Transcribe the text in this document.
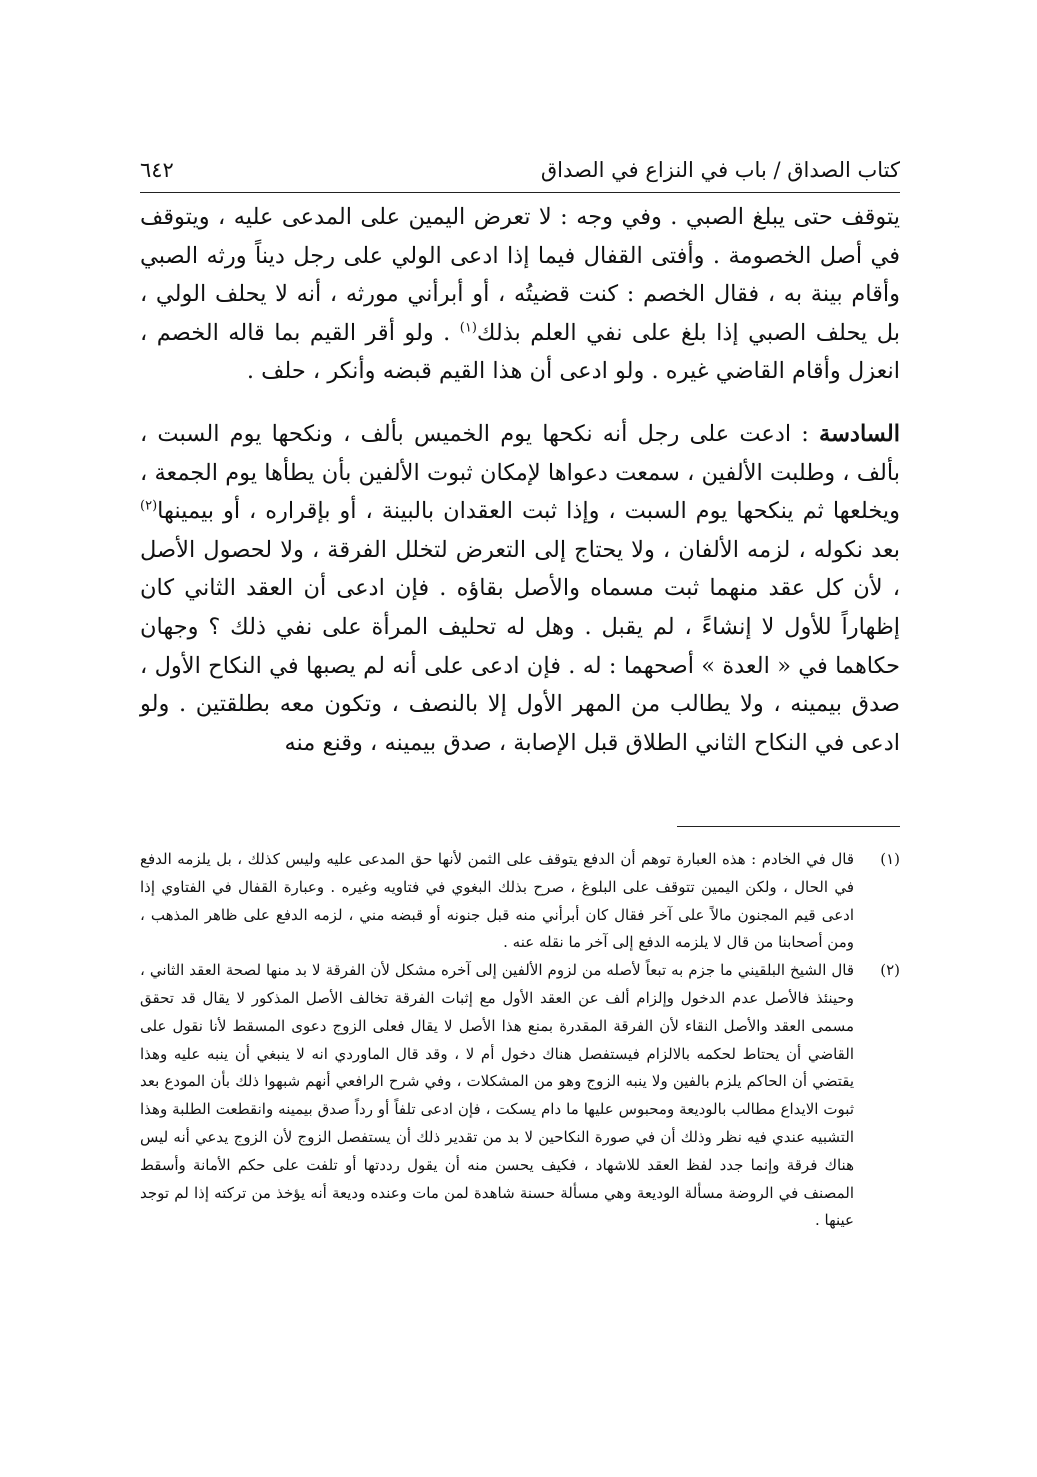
كتاب الصداق / باب في النزاع في الصداق
٦٤٢

يتوقف حتى يبلغ الصبي . وفي وجه : لا تعرض اليمين على المدعى عليه ، ويتوقف في أصل الخصومة . وأفتى القفال فيما إذا ادعى الولي على رجل ديناً ورثه الصبي وأقام بينة به ، فقال الخصم : كنت قضيتُه ، أو أبرأني مورثه ، أنه لا يحلف الولي ، بل يحلف الصبي إذا بلغ على نفي العلم بذلك$^{(١)}$ . ولو أقر القيم بما قاله الخصم ، انعزل وأقام القاضي غيره . ولو ادعى أن هذا القيم قبضه وأنكر ، حلف .

السادسة : ادعت على رجل أنه نكحها يوم الخميس بألف ، ونكحها يوم السبت ، بألف ، وطلبت الألفين ، سمعت دعواها لإمكان ثبوت الألفين بأن يطأها يوم الجمعة ، ويخلعها ثم ينكحها يوم السبت ، وإذا ثبت العقدان بالبينة ، أو بإقراره ، أو بيمينها$^{(٢)}$ بعد نكوله ، لزمه الألفان ، ولا يحتاج إلى التعرض لتخلل الفرقة ، ولا لحصول الأصل ، لأن كل عقد منهما ثبت مسماه والأصل بقاؤه . فإن ادعى أن العقد الثاني كان إظهاراً للأول لا إنشاءً ، لم يقبل . وهل له تحليف المرأة على نفي ذلك ؟ وجهان حكاهما في « العدة » أصحهما : له . فإن ادعى على أنه لم يصبها في النكاح الأول ، صدق بيمينه ، ولا يطالب من المهر الأول إلا بالنصف ، وتكون معه بطلقتين . ولو ادعى في النكاح الثاني الطلاق قبل الإصابة ، صدق بيمينه ، وقنع منه

(١)
قال في الخادم : هذه العبارة توهم أن الدفع يتوقف على الثمن لأنها حق المدعى عليه وليس كذلك ، بل يلزمه الدفع في الحال ، ولكن اليمين تتوقف على البلوغ ، صرح بذلك البغوي في فتاويه وغيره . وعبارة القفال في الفتاوي إذا ادعى قيم المجنون مالاً على آخر فقال كان أبرأني منه قبل جنونه أو قبضه مني ، لزمه الدفع على ظاهر المذهب ، ومن أصحابنا من قال لا يلزمه الدفع إلى آخر ما نقله عنه .
(٢)
قال الشيخ البلقيني ما جزم به تبعاً لأصله من لزوم الألفين إلى آخره مشكل لأن الفرقة لا بد منها لصحة العقد الثاني ، وحينئذ فالأصل عدم الدخول وإلزام ألف عن العقد الأول مع إثبات الفرقة تخالف الأصل المذكور لا يقال قد تحقق مسمى العقد والأصل النقاء لأن الفرقة المقدرة بمنع هذا الأصل لا يقال فعلى الزوج دعوى المسقط لأنا نقول على القاضي أن يحتاط لحكمه بالالزام فيستفصل هناك دخول أم لا ، وقد قال الماوردي انه لا ينبغي أن ينبه عليه وهذا يقتضي أن الحاكم يلزم بالفين ولا ينبه الزوج وهو من المشكلات ، وفي شرح الرافعي أنهم شبهوا ذلك بأن المودع بعد ثبوت الايداع مطالب بالوديعة ومحبوس عليها ما دام يسكت ، فإن ادعى تلفاً أو رداً صدق بيمينه وانقطعت الطلبة وهذا التشبيه عندي فيه نظر وذلك أن في صورة النكاحين لا بد من تقدير ذلك أن يستفصل الزوج لأن الزوج يدعي أنه ليس هناك فرقة وإنما جدد لفظ العقد للاشهاد ، فكيف يحسن منه أن يقول رددتها أو تلفت على حكم الأمانة وأسقط المصنف في الروضة مسألة الوديعة وهي مسألة حسنة شاهدة لمن مات وعنده وديعة أنه يؤخذ من تركته إذا لم توجد عينها .
